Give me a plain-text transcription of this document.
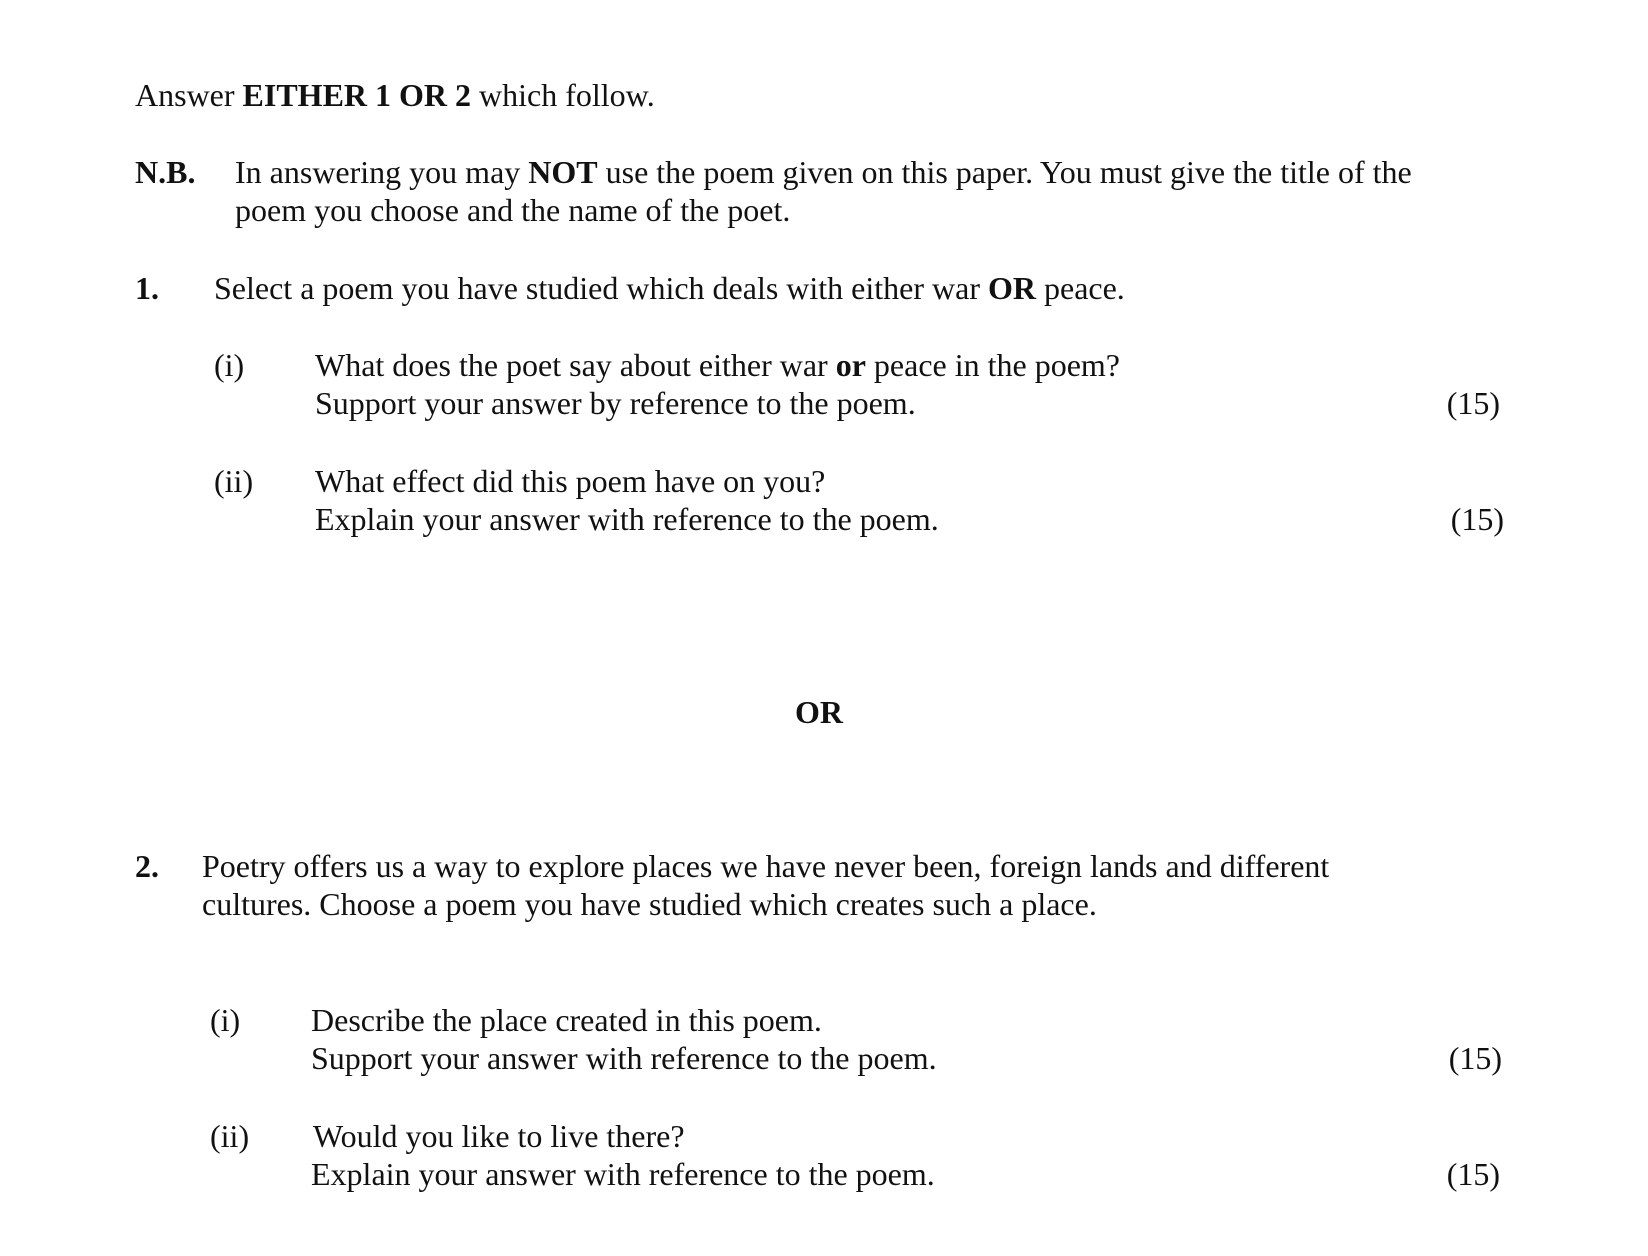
Answer EITHER 1 OR 2 which follow.
N.B. In answering you may NOT use the poem given on this paper. You must give the title of the
poem you choose and the name of the poet.
1. Select a poem you have studied which deals with either war OR peace.
(i) What does the poet say about either war or peace in the poem?
Support your answer by reference to the poem.	(15)
(ii) What effect did this poem have on you?
Explain your answer with reference to the poem.	(15)
OR
2. Poetry offers us a way to explore places we have never been, foreign lands and different
cultures. Choose a poem you have studied which creates such a place.
(i) Describe the place created in this poem.
Support your answer with reference to the poem.	(15)
(ii) Would you like to live there?
Explain your answer with reference to the poem.	(15)
